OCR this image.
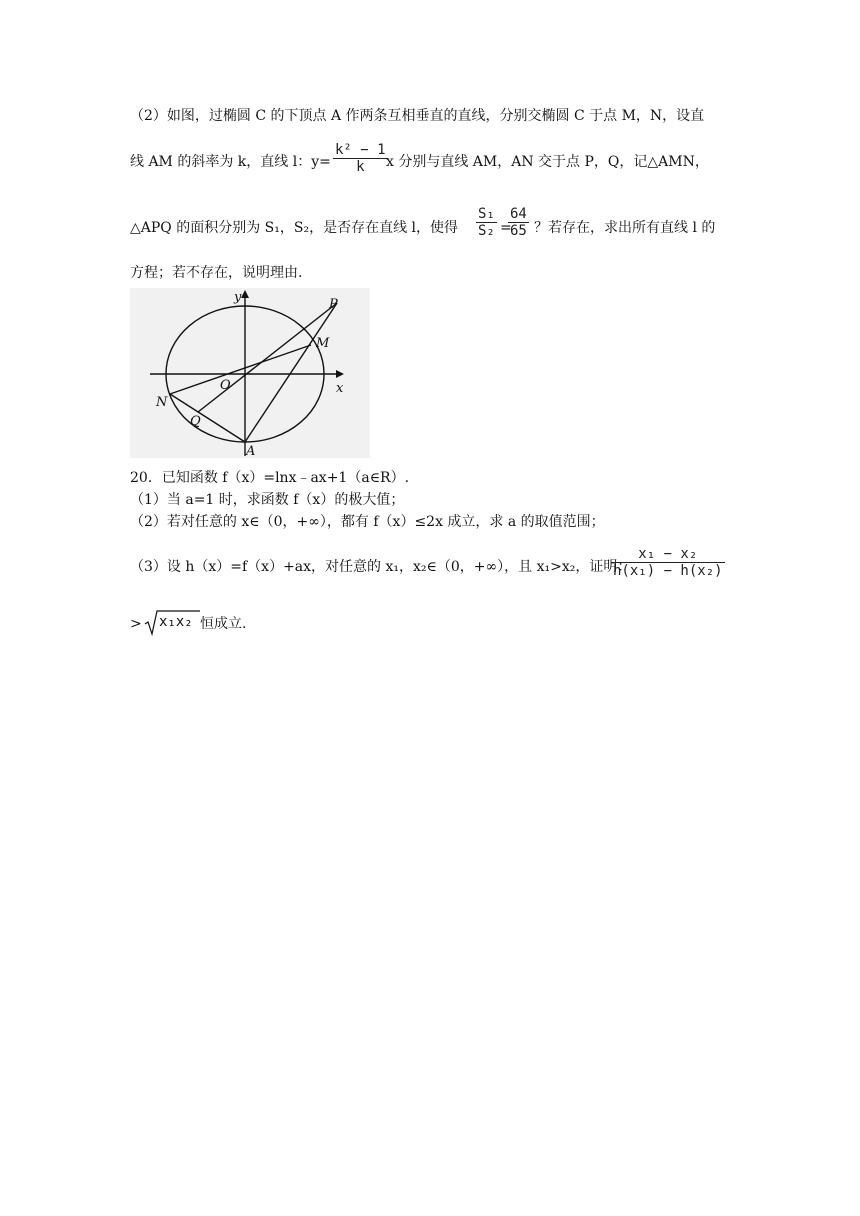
（2）如图，过椭圆 C 的下顶点 A 作两条互相垂直的直线，分别交椭圆 C 于点 M，N，设直
线 AM 的斜率为 k，直线 l：y=
k² − 1
k x 分别与直线 AM，AN 交于点 P，Q，记△AMN，
△APQ 的面积分别为 S₁，S₂，是否存在直线 l，使得
S₁
S₂ =
64
65 ？若存在，求出所有直线 l 的
方程；若不存在，说明理由.
y
x
O
P
M
N
Q
A
20．已知函数 f（x）=lnx﹣ax+1（a∈R）.
（1）当 a=1 时，求函数 f（x）的极大值；
（2）若对任意的 x∈（0，+∞），都有 f（x）≤2x 成立，求 a 的取值范围；
（3）设 h（x）=f（x）+ax，对任意的 x₁，x₂∈（0，+∞），且 x₁>x₂，证明：
x₁ − x₂
h(x₁) − h(x₂)
> x₁x₂ 恒成立.
